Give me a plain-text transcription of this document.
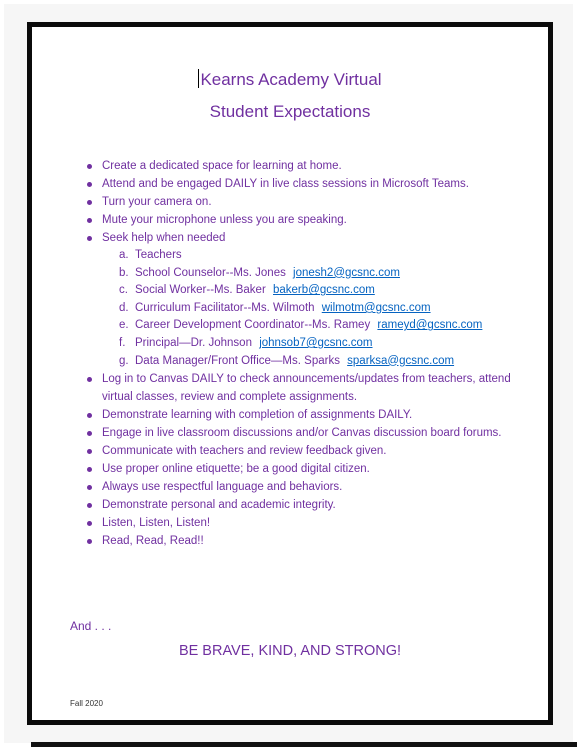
Kearns Academy Virtual
Student Expectations
Create a dedicated space for learning at home.
Attend and be engaged DAILY in live class sessions in Microsoft Teams.
Turn your camera on.
Mute your microphone unless you are speaking.
Seek help when needed
a. Teachers
b. School Counselor--Ms. Jones jonesh2@gcsnc.com
c. Social Worker--Ms. Baker bakerb@gcsnc.com
d. Curriculum Facilitator--Ms. Wilmoth wilmotm@gcsnc.com
e. Career Development Coordinator--Ms. Ramey rameyd@gcsnc.com
f. Principal—Dr. Johnson johnsob7@gcsnc.com
g. Data Manager/Front Office—Ms. Sparks sparksa@gcsnc.com
Log in to Canvas DAILY to check announcements/updates from teachers, attend virtual classes, review and complete assignments.
Demonstrate learning with completion of assignments DAILY.
Engage in live classroom discussions and/or Canvas discussion board forums.
Communicate with teachers and review feedback given.
Use proper online etiquette; be a good digital citizen.
Always use respectful language and behaviors.
Demonstrate personal and academic integrity.
Listen, Listen, Listen!
Read, Read, Read!!
And . . .
BE BRAVE, KIND, AND STRONG!
Fall 2020
